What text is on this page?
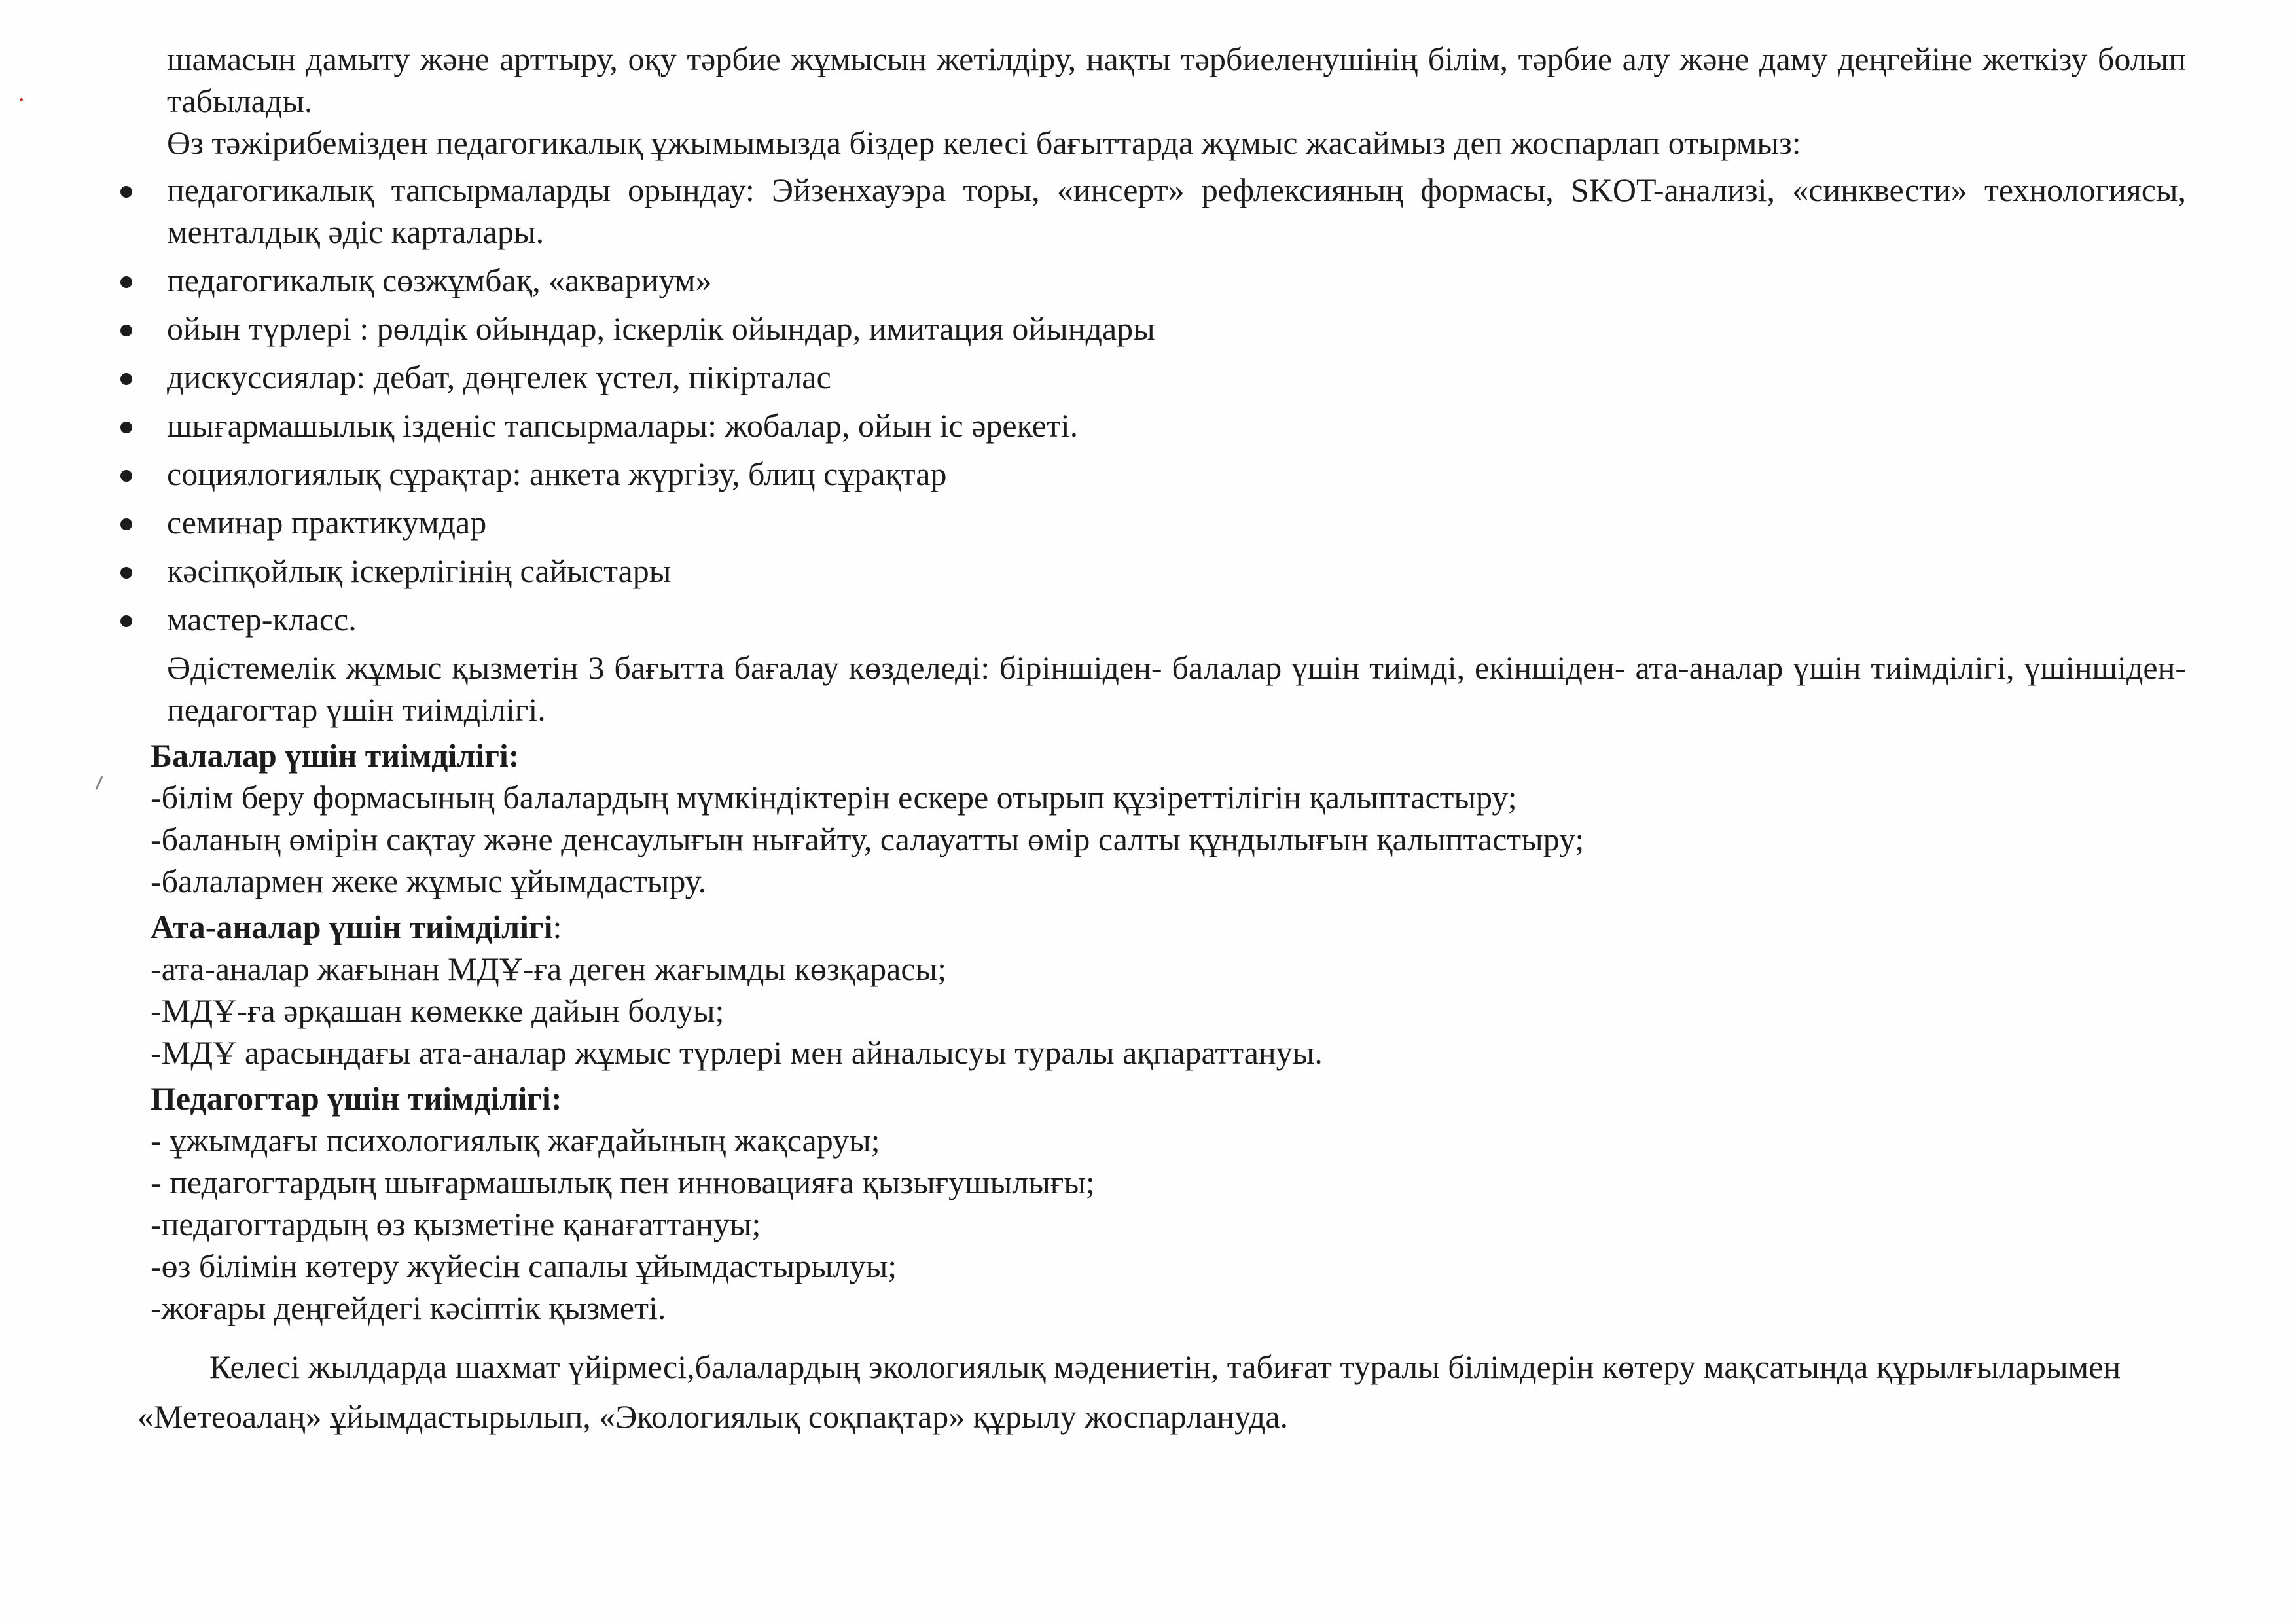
шамасын дамыту және арттыру, оқу тәрбие жұмысын жетілдіру, нақты тәрбиеленушінің білім, тәрбие алу және даму деңгейіне жеткізу болып табылады.

Өз тәжірибемізден педагогикалық ұжымымызда біздер келесі бағыттарда жұмыс жасаймыз деп жоспарлап отырмыз:

педагогикалық тапсырмаларды орындау: Эйзенхауэра торы, «инсерт» рефлексияның формасы, SKOT-анализі, «синквести» технологиясы, менталдық әдіс карталары.
педагогикалық сөзжұмбақ, «аквариум»
ойын түрлері : рөлдік ойындар, іскерлік ойындар, имитация ойындары
дискуссиялар: дебат, дөңгелек үстел, пікірталас
шығармашылық ізденіс тапсырмалары: жобалар, ойын іс әрекеті.
социялогиялық сұрақтар: анкета жүргізу, блиц сұрақтар
семинар практикумдар
кәсіпқойлық іскерлігінің сайыстары
мастер-класс.

Әдістемелік жұмыс қызметін 3 бағытта бағалау көзделеді: біріншіден- балалар үшін тиімді, екіншіден- ата-аналар үшін тиімділігі, үшіншіден- педагогтар үшін тиімділігі.

Балалар үшін тиімділігі:

-білім беру формасының балалардың мүмкіндіктерін ескере отырып құзіреттілігін қалыптастыру;

-баланың өмірін сақтау және денсаулығын нығайту, салауатты өмір салты құндылығын қалыптастыру;

-балалармен жеке жұмыс ұйымдастыру.

Ата-аналар үшін тиімділігі:

-ата-аналар жағынан МДҰ-ға деген жағымды көзқарасы;

-МДҰ-ға әрқашан көмекке дайын болуы;

-МДҰ арасындағы ата-аналар жұмыс түрлері мен айналысуы туралы ақпараттануы.

Педагогтар үшін тиімділігі:

- ұжымдағы психологиялық жағдайының жақсаруы;

- педагогтардың шығармашылық пен инновацияға қызығушылығы;

-педагогтардың өз қызметіне қанағаттануы;

-өз білімін көтеру жүйесін сапалы ұйымдастырылуы;

-жоғары деңгейдегі кәсіптік қызметі.

Келесі жылдарда шахмат үйірмесі,балалардың экологиялық мәдениетін, табиғат туралы білімдерін көтеру мақсатында құрылғыларымен «Метеоалаң» ұйымдастырылып, «Экологиялық соқпақтар» құрылу жоспарлануда.
